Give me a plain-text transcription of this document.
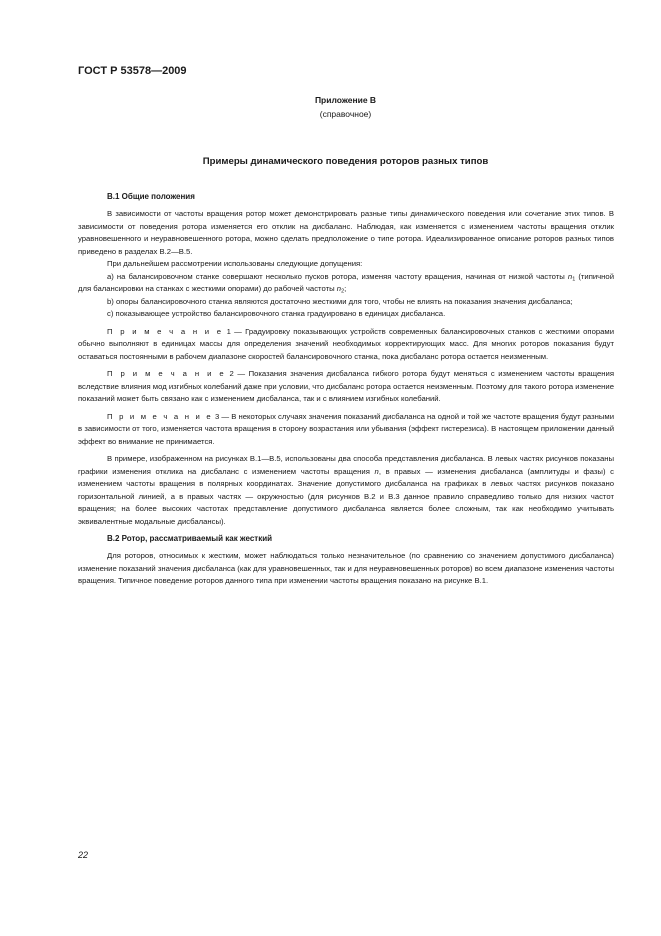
ГОСТ Р 53578—2009

Приложение В
(справочное)
Примеры динамического поведения роторов разных типов
В.1 Общие положения

В зависимости от частоты вращения ротор может демонстрировать разные типы динамического поведения или сочетание этих типов. В зависимости от поведения ротора изменяется его отклик на дисбаланс. Наблюдая, как изменяется с изменением частоты вращения отклик уравновешенного и неуравновешенного ротора, можно сделать предположение о типе ротора. Идеализированное описание роторов разных типов приведено в разделах В.2—В.5.

При дальнейшем рассмотрении использованы следующие допущения:

а) на балансировочном станке совершают несколько пусков ротора, изменяя частоту вращения, начиная от низкой частоты $n_1$ (типичной для балансировки на станках с жесткими опорами) до рабочей частоты $n_2$;

b) опоры балансировочного станка являются достаточно жесткими для того, чтобы не влиять на показания значения дисбаланса;

c) показывающее устройство балансировочного станка градуировано в единицах дисбаланса.

П р и м е ч а н и е 1 — Градуировку показывающих устройств современных балансировочных станков с жесткими опорами обычно выполняют в единицах массы для определения значений необходимых корректирующих масс. Для многих роторов показания будут оставаться постоянными в рабочем диапазоне скоростей балансировочного станка, пока дисбаланс ротора остается неизменным.

П р и м е ч а н и е 2 — Показания значения дисбаланса гибкого ротора будут меняться с изменением частоты вращения вследствие влияния мод изгибных колебаний даже при условии, что дисбаланс ротора остается неизменным. Поэтому для такого ротора изменение показаний может быть связано как с изменением дисбаланса, так и с влиянием изгибных колебаний.

П р и м е ч а н и е 3 — В некоторых случаях значения показаний дисбаланса на одной и той же частоте вращения будут разными в зависимости от того, изменяется частота вращения в сторону возрастания или убывания (эффект гистерезиса). В настоящем приложении данный эффект во внимание не принимается.

В примере, изображенном на рисунках В.1—В.5, использованы два способа представления дисбаланса. В левых частях рисунков показаны графики изменения отклика на дисбаланс с изменением частоты вращения n, в правых — изменения дисбаланса (амплитуды и фазы) с изменением частоты вращения в полярных координатах. Значение допустимого дисбаланса на графиках в левых частях рисунков показано горизонтальной линией, а в правых частях — окружностью (для рисунков В.2 и В.3 данное правило справедливо только для низких частот вращения; на более высоких частотах представление допустимого дисбаланса является более сложным, так как необходимо учитывать эквивалентные модальные дисбалансы).

В.2 Ротор, рассматриваемый как жесткий

Для роторов, относимых к жестким, может наблюдаться только незначительное (по сравнению со значением допустимого дисбаланса) изменение показаний значения дисбаланса (как для уравновешенных, так и для неуравновешенных роторов) во всем диапазоне изменения частоты вращения. Типичное поведение роторов данного типа при изменении частоты вращения показано на рисунке В.1.

22
